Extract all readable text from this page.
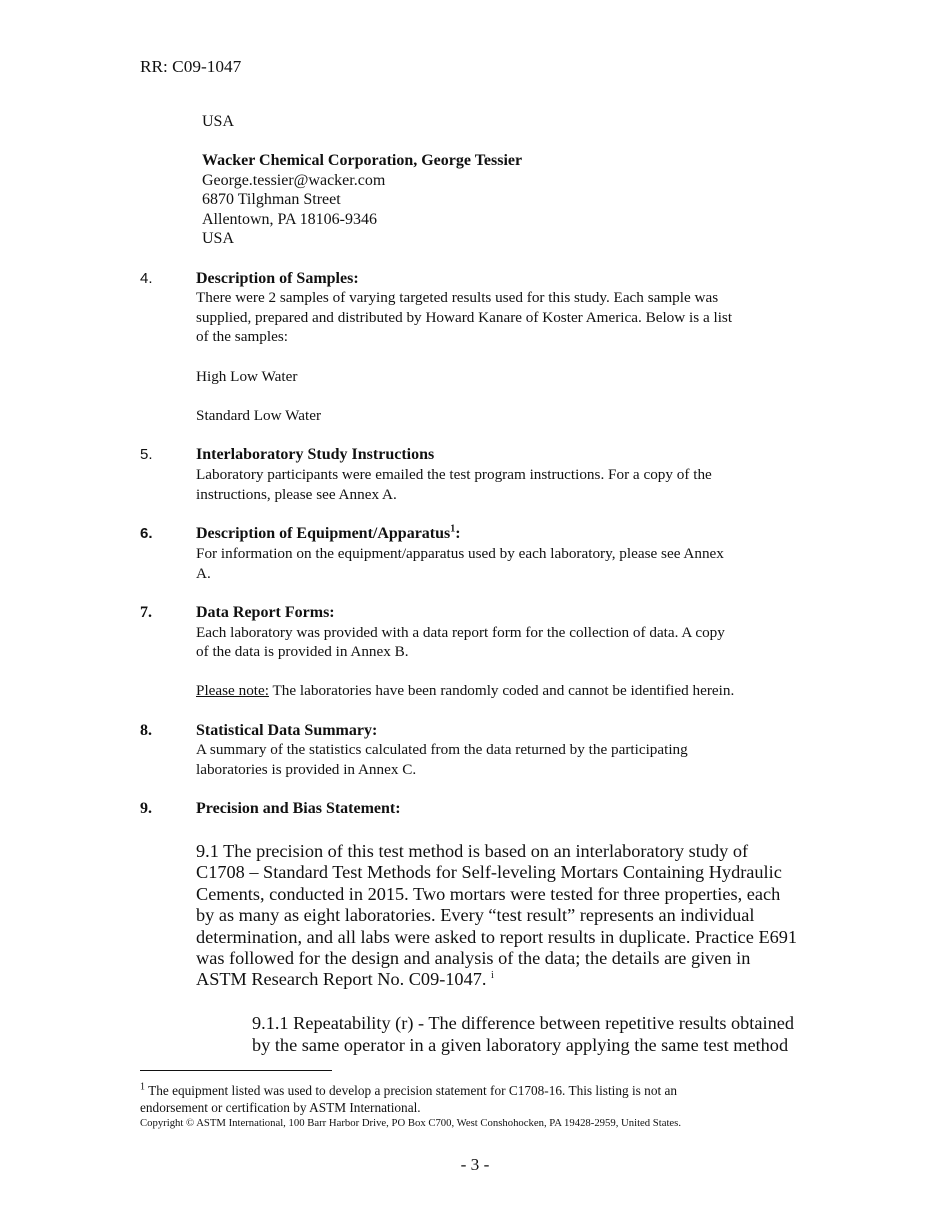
RR: C09-1047
USA
Wacker Chemical Corporation, George Tessier
George.tessier@wacker.com
6870 Tilghman Street
Allentown, PA 18106-9346
USA
4.	Description of Samples:
There were 2 samples of varying targeted results used for this study. Each sample was
supplied, prepared and distributed by Howard Kanare of Koster America. Below is a list
of the samples:
High Low Water
Standard Low Water
5.	Interlaboratory Study Instructions
Laboratory participants were emailed the test program instructions. For a copy of the
instructions, please see Annex A.
6.	Description of Equipment/Apparatus$^1$:
For information on the equipment/apparatus used by each laboratory, please see Annex
A.
7.	Data Report Forms:
Each laboratory was provided with a data report form for the collection of data. A copy
of the data is provided in Annex B.
Please note: The laboratories have been randomly coded and cannot be identified herein.
8.	Statistical Data Summary:
A summary of the statistics calculated from the data returned by the participating
laboratories is provided in Annex C.
9.	Precision and Bias Statement:
9.1 The precision of this test method is based on an interlaboratory study of
C1708 – Standard Test Methods for Self-leveling Mortars Containing Hydraulic
Cements, conducted in 2015. Two mortars were tested for three properties, each
by as many as eight laboratories. Every “test result” represents an individual
determination, and all labs were asked to report results in duplicate. Practice E691
was followed for the design and analysis of the data; the details are given in
ASTM Research Report No. C09-1047. $^i$
9.1.1 Repeatability (r) - The difference between repetitive results obtained
by the same operator in a given laboratory applying the same test method
$^1$ The equipment listed was used to develop a precision statement for C1708-16. This listing is not an
endorsement or certification by ASTM International.
Copyright © ASTM International, 100 Barr Harbor Drive, PO Box C700, West Conshohocken, PA 19428-2959, United States.
- 3 -
